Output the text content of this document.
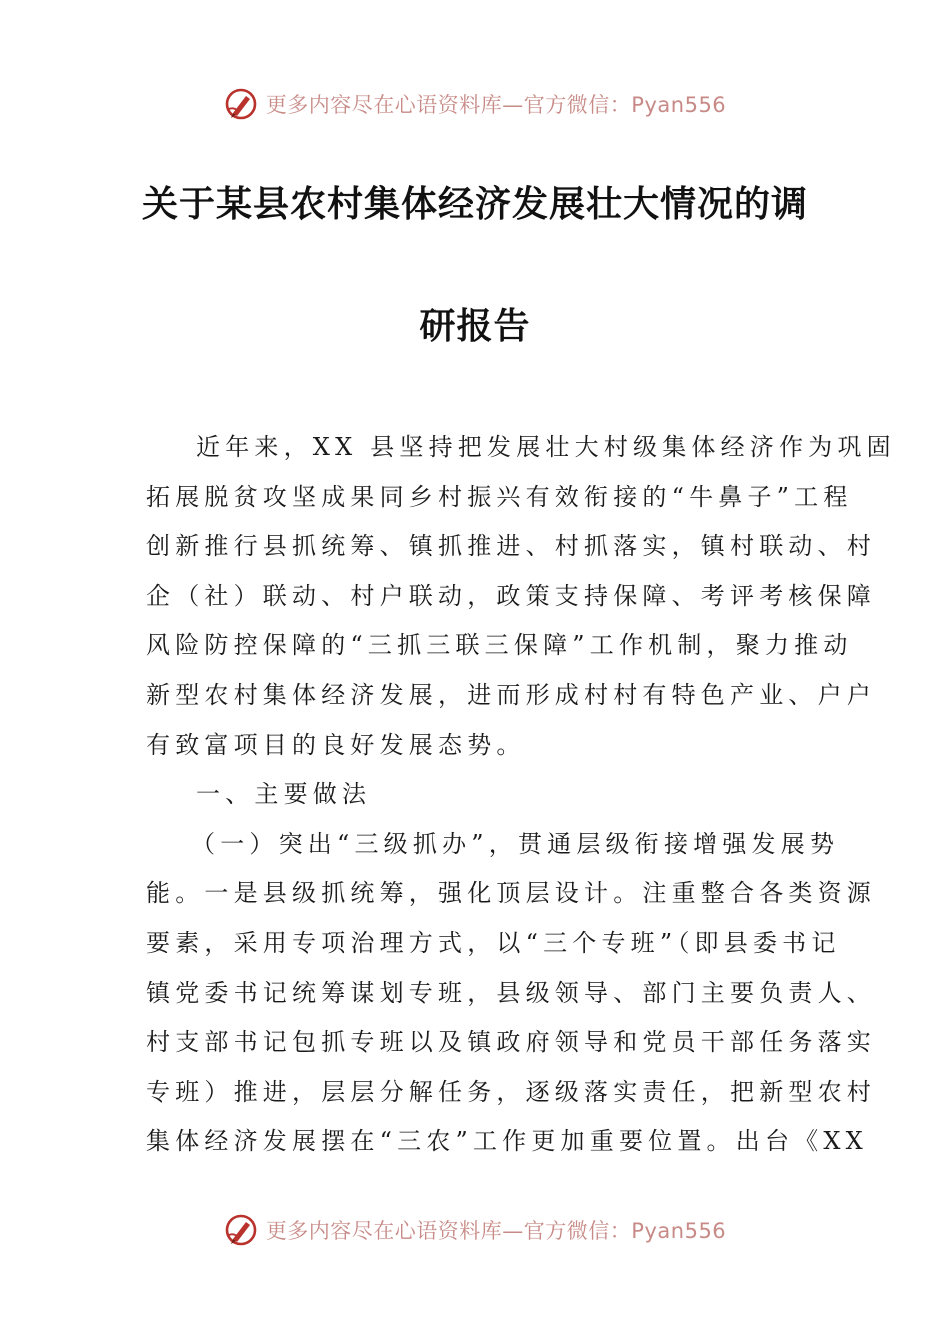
更多内容尽在心语资料库—官方微信：Pyan556
关于某县农村集体经济发展壮大情况的调
研报告
近年来，XX 县坚持把发展壮大村级集体经济作为巩固
拓展脱贫攻坚成果同乡村振兴有效衔接的“牛鼻子”工程
创新推行县抓统筹、镇抓推进、村抓落实，镇村联动、村
企（社）联动、村户联动，政策支持保障、考评考核保障
风险防控保障的“三抓三联三保障”工作机制，聚力推动
新型农村集体经济发展，进而形成村村有特色产业、户户
有致富项目的良好发展态势。
一、主要做法
（一）突出“三级抓办”，贯通层级衔接增强发展势
能。一是县级抓统筹，强化顶层设计。注重整合各类资源
要素，采用专项治理方式，以“三个专班”（即县委书记
镇党委书记统筹谋划专班，县级领导、部门主要负责人、
村支部书记包抓专班以及镇政府领导和党员干部任务落实
专班）推进，层层分解任务，逐级落实责任，把新型农村
集体经济发展摆在“三农”工作更加重要位置。出台《XX
更多内容尽在心语资料库—官方微信：Pyan556
